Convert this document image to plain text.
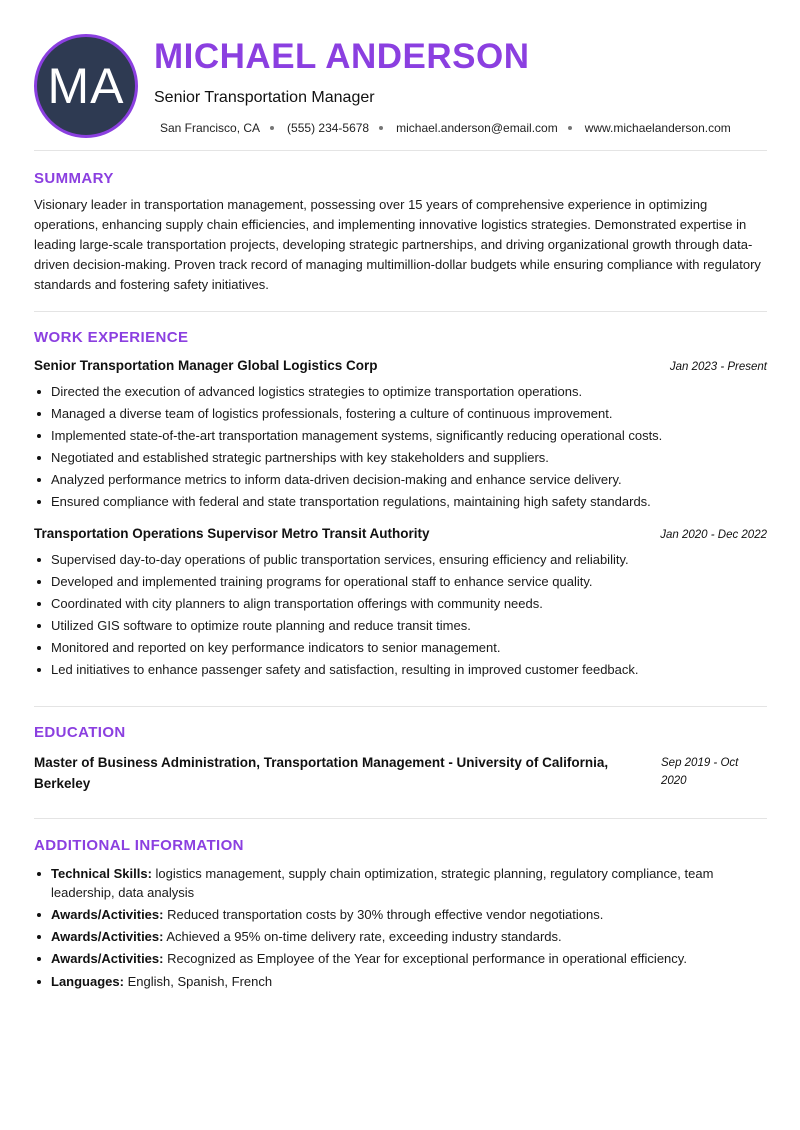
MA
MICHAEL ANDERSON
Senior Transportation Manager
San Francisco, CA (555) 234-5678 michael.anderson@email.com www.michaelanderson.com
SUMMARY

Visionary leader in transportation management, possessing over 15 years of comprehensive experience in optimizing operations, enhancing supply chain efficiencies, and implementing innovative logistics strategies. Demonstrated expertise in leading large-scale transportation projects, developing strategic partnerships, and driving organizational growth through data-driven decision-making. Proven track record of managing multimillion-dollar budgets while ensuring compliance with regulatory standards and fostering safety initiatives.

WORK EXPERIENCE
Senior Transportation Manager Global Logistics Corp	Jan 2023 - Present
Directed the execution of advanced logistics strategies to optimize transportation operations.
Managed a diverse team of logistics professionals, fostering a culture of continuous improvement.
Implemented state-of-the-art transportation management systems, significantly reducing operational costs.
Negotiated and established strategic partnerships with key stakeholders and suppliers.
Analyzed performance metrics to inform data-driven decision-making and enhance service delivery.
Ensured compliance with federal and state transportation regulations, maintaining high safety standards.
Transportation Operations Supervisor Metro Transit Authority	Jan 2020 - Dec 2022
Supervised day-to-day operations of public transportation services, ensuring efficiency and reliability.
Developed and implemented training programs for operational staff to enhance service quality.
Coordinated with city planners to align transportation offerings with community needs.
Utilized GIS software to optimize route planning and reduce transit times.
Monitored and reported on key performance indicators to senior management.
Led initiatives to enhance passenger safety and satisfaction, resulting in improved customer feedback.
EDUCATION
Master of Business Administration, Transportation Management - University of California, Berkeley
Sep 2019 - Oct 2020
ADDITIONAL INFORMATION
Technical Skills: logistics management, supply chain optimization, strategic planning, regulatory compliance, team leadership, data analysis
Awards/Activities: Reduced transportation costs by 30% through effective vendor negotiations.
Awards/Activities: Achieved a 95% on-time delivery rate, exceeding industry standards.
Awards/Activities: Recognized as Employee of the Year for exceptional performance in operational efficiency.
Languages: English, Spanish, French
